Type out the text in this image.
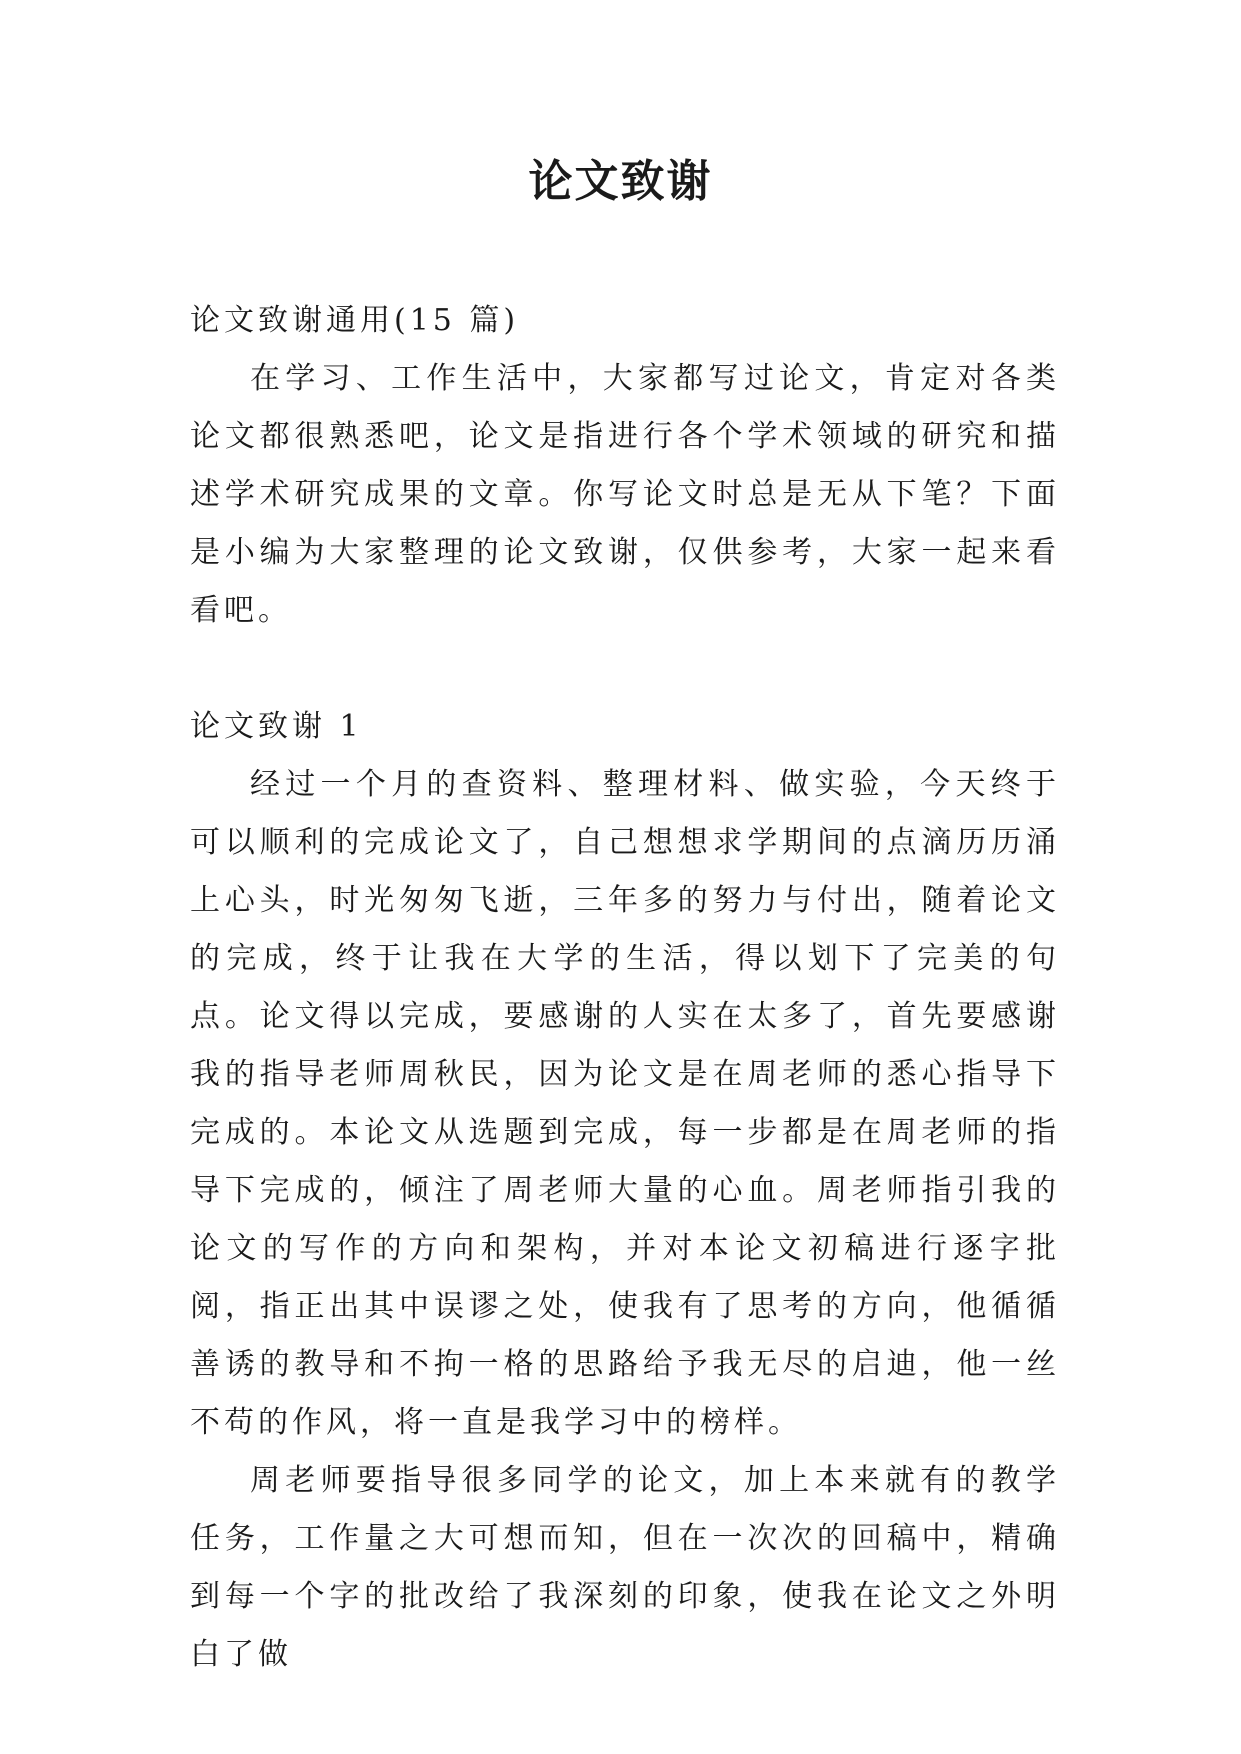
论文致谢

论文致谢通用(15 篇)

在学习、工作生活中，大家都写过论文，肯定对各类论文都很熟悉吧，论文是指进行各个学术领域的研究和描述学术研究成果的文章。你写论文时总是无从下笔？下面是小编为大家整理的论文致谢，仅供参考，大家一起来看看吧。

论文致谢 1

经过一个月的查资料、整理材料、做实验，今天终于可以顺利的完成论文了，自己想想求学期间的点滴历历涌上心头，时光匆匆飞逝，三年多的努力与付出，随着论文的完成，终于让我在大学的生活，得以划下了完美的句点。论文得以完成，要感谢的人实在太多了，首先要感谢我的指导老师周秋民，因为论文是在周老师的悉心指导下完成的。本论文从选题到完成，每一步都是在周老师的指导下完成的，倾注了周老师大量的心血。周老师指引我的论文的写作的方向和架构，并对本论文初稿进行逐字批阅，指正出其中误谬之处，使我有了思考的方向，他循循善诱的教导和不拘一格的思路给予我无尽的启迪，他一丝不苟的作风，将一直是我学习中的榜样。

周老师要指导很多同学的论文，加上本来就有的教学任务，工作量之大可想而知，但在一次次的回稿中，精确到每一个字的批改给了我深刻的印象，使我在论文之外明白了做
